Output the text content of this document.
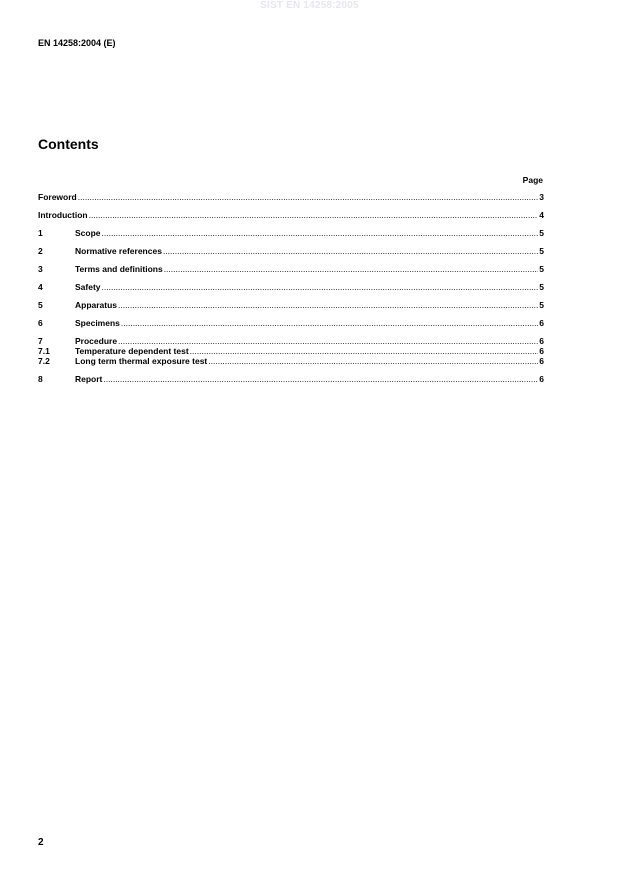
SIST EN 14258:2005
EN 14258:2004 (E)
Contents
Page
Foreword .....	3
Introduction .....	4
1	Scope .....	5
2	Normative references .....	5
3	Terms and definitions .....	5
4	Safety .....	5
5	Apparatus .....	5
6	Specimens .....	6
7	Procedure .....	6
7.1	Temperature dependent test .....	6
7.2	Long term thermal exposure test .....	6
8	Report .....	6
2
